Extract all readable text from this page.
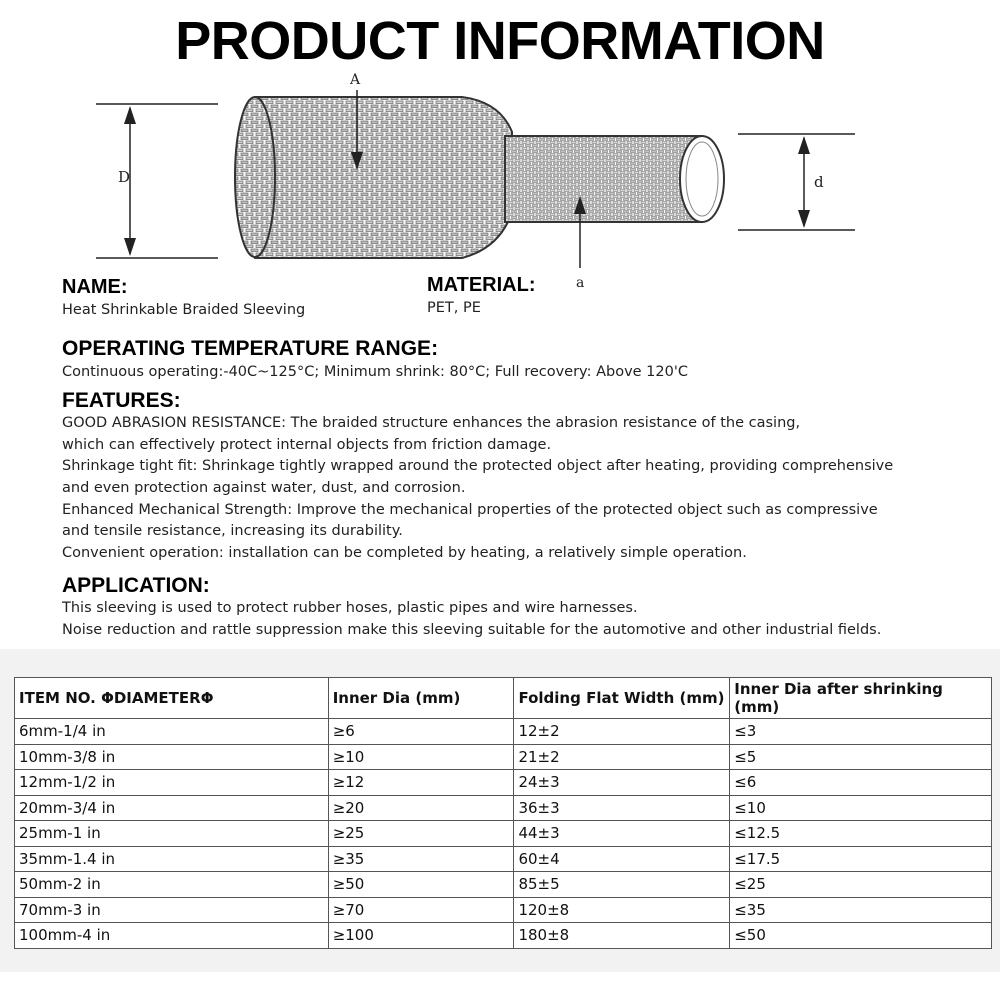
PRODUCT INFORMATION
D
A
a
d
NAME:
Heat Shrinkable Braided Sleeving
MATERIAL:
PET, PE
OPERATING TEMPERATURE RANGE:
Continuous operating:-40C~125°C; Minimum shrink: 80°C; Full recovery: Above 120'C
FEATURES:
GOOD ABRASION RESISTANCE: The braided structure enhances the abrasion resistance of the casing,
which can effectively protect internal objects from friction damage.
Shrinkage tight fit: Shrinkage tightly wrapped around the protected object after heating, providing comprehensive
and even protection against water, dust, and corrosion.
Enhanced Mechanical Strength: Improve the mechanical properties of the protected object such as compressive
and tensile resistance, increasing its durability.
Convenient operation: installation can be completed by heating, a relatively simple operation.
APPLICATION:
This sleeving is used to protect rubber hoses, plastic pipes and wire harnesses.
Noise reduction and rattle suppression make this sleeving suitable for the automotive and other industrial fields.
ITEM NO. ΦDIAMETERΦ	Inner Dia (mm)	Folding Flat Width (mm)	Inner Dia after shrinking (mm)
6mm-1/4 in	≥6	12±2	≤3
10mm-3/8 in	≥10	21±2	≤5
12mm-1/2 in	≥12	24±3	≤6
20mm-3/4 in	≥20	36±3	≤10
25mm-1 in	≥25	44±3	≤12.5
35mm-1.4 in	≥35	60±4	≤17.5
50mm-2 in	≥50	85±5	≤25
70mm-3 in	≥70	120±8	≤35
100mm-4 in	≥100	180±8	≤50
